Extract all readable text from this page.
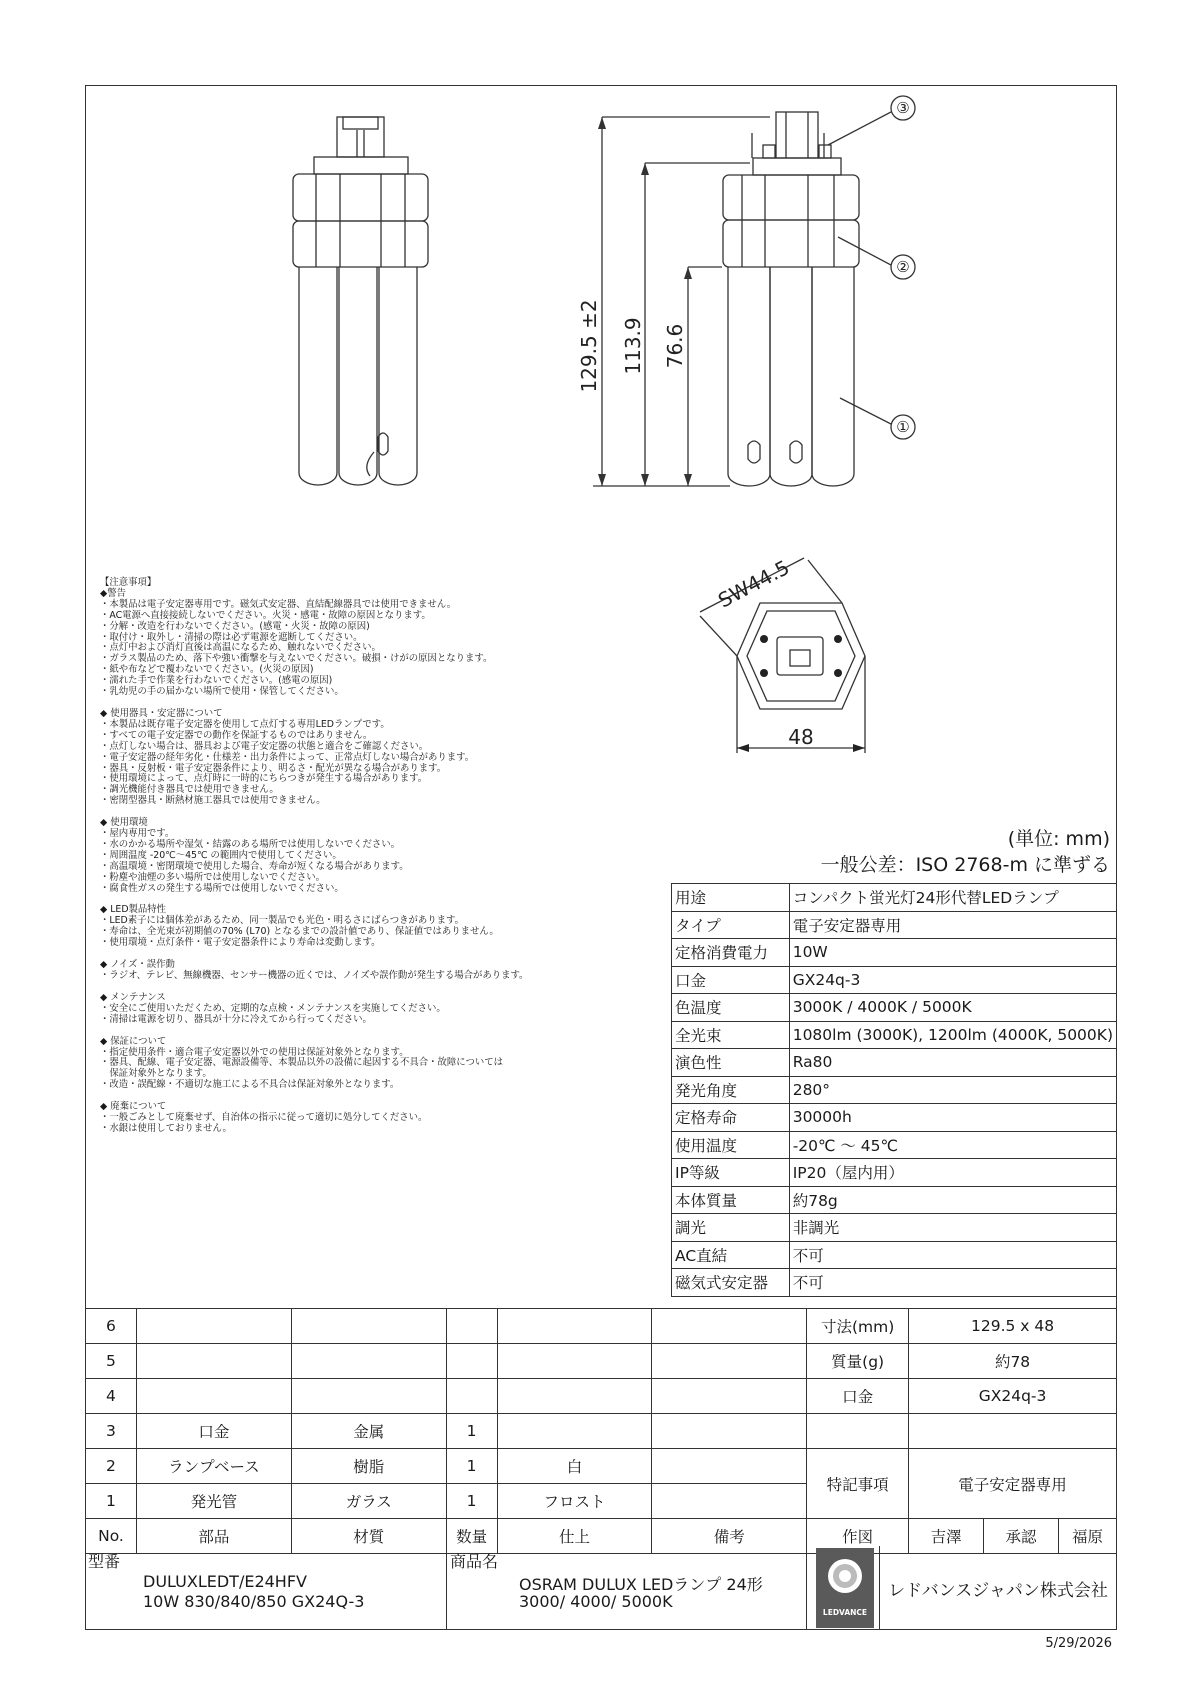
129.5 ±2 113.9 76.6
③
②
①
SW44.5
48
【注意事項】
◆警告
・本製品は電子安定器専用です。磁気式安定器、直結配線器具では使用できません。
・AC電源へ直接接続しないでください。火災・感電・故障の原因となります。
・分解・改造を行わないでください。(感電・火災・故障の原因)
・取付け・取外し・清掃の際は必ず電源を遮断してください。
・点灯中および消灯直後は高温になるため、触れないでください。
・ガラス製品のため、落下や強い衝撃を与えないでください。破損・けがの原因となります。
・紙や布などで覆わないでください。(火災の原因)
・濡れた手で作業を行わないでください。(感電の原因)
・乳幼児の手の届かない場所で使用・保管してください。
◆ 使用器具・安定器について
・本製品は既存電子安定器を使用して点灯する専用LEDランプです。
・すべての電子安定器での動作を保証するものではありません。
・点灯しない場合は、器具および電子安定器の状態と適合をご確認ください。
・電子安定器の経年劣化・仕様差・出力条件によって、正常点灯しない場合があります。
・器具・反射板・電子安定器条件により、明るさ・配光が異なる場合があります。
・使用環境によって、点灯時に一時的にちらつきが発生する場合があります。
・調光機能付き器具では使用できません。
・密閉型器具・断熱材施工器具では使用できません。
◆ 使用環境
・屋内専用です。
・水のかかる場所や湿気・結露のある場所では使用しないでください。
・周囲温度 -20℃～45℃ の範囲内で使用してください。
・高温環境・密閉環境で使用した場合、寿命が短くなる場合があります。
・粉塵や油煙の多い場所では使用しないでください。
・腐食性ガスの発生する場所では使用しないでください。
◆ LED製品特性
・LED素子には個体差があるため、同一製品でも光色・明るさにばらつきがあります。
・寿命は、全光束が初期値の70% (L70) となるまでの設計値であり、保証値ではありません。
・使用環境・点灯条件・電子安定器条件により寿命は変動します。
◆ ノイズ・誤作動
・ラジオ、テレビ、無線機器、センサー機器の近くでは、ノイズや誤作動が発生する場合があります。
◆ メンテナンス
・安全にご使用いただくため、定期的な点検・メンテナンスを実施してください。
・清掃は電源を切り、器具が十分に冷えてから行ってください。
◆ 保証について
・指定使用条件・適合電子安定器以外での使用は保証対象外となります。
・器具、配線、電子安定器、電源設備等、本製品以外の設備に起因する不具合・故障については
　保証対象外となります。
・改造・誤配線・不適切な施工による不具合は保証対象外となります。
◆ 廃棄について
・一般ごみとして廃棄せず、自治体の指示に従って適切に処分してください。
・水銀は使用しておりません。
(単位: mm)
一般公差：ISO 2768-m に準ずる
用途	コンパクト蛍光灯24形代替LEDランプ
タイプ	電子安定器専用
定格消費電力	10W
口金	GX24q-3
色温度	3000K / 4000K / 5000K
全光束	1080lm (3000K), 1200lm (4000K, 5000K)
演色性	Ra80
発光角度	280°
定格寿命	30000h
使用温度	-20℃ ～ 45℃
IP等級	IP20（屋内用）
本体質量	約78g
調光	非調光
AC直結	不可
磁気式安定器	不可
6						寸法(mm)	129.5 x 48		
5						質量(g)	約78		
4						口金	GX24q-3		
3	口金	金属	1						
2	ランプベース	樹脂	1	白		特記事項	電子安定器専用		
1	発光管	ガラス	1	フロスト					
No.	部品	材質	数量	仕上	備考	作図	吉澤	承認	福原
型番
DULUXLEDT/E24HFV
10W 830/840/850 GX24Q-3
商品名
OSRAM DULUX LEDランプ 24形
3000/ 4000/ 5000K
LEDVANCE
レドバンスジャパン株式会社
5/29/2026
